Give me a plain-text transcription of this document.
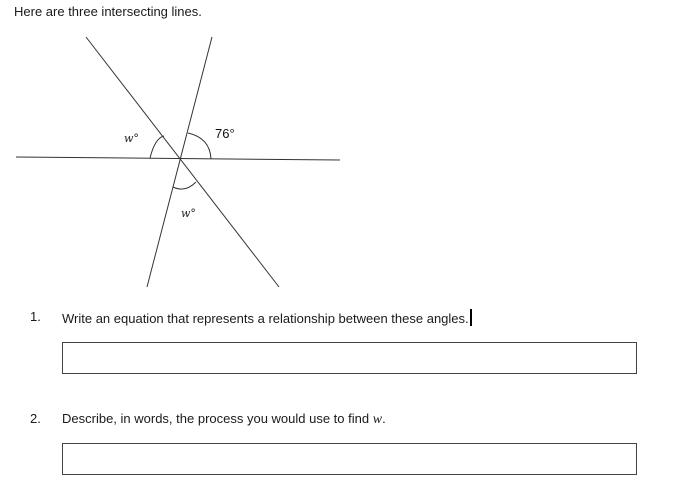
Here are three intersecting lines.

w°	76°
w°
1. Write an equation that represents a relationship between these angles.
2. Describe, in words, the process you would use to find w.
